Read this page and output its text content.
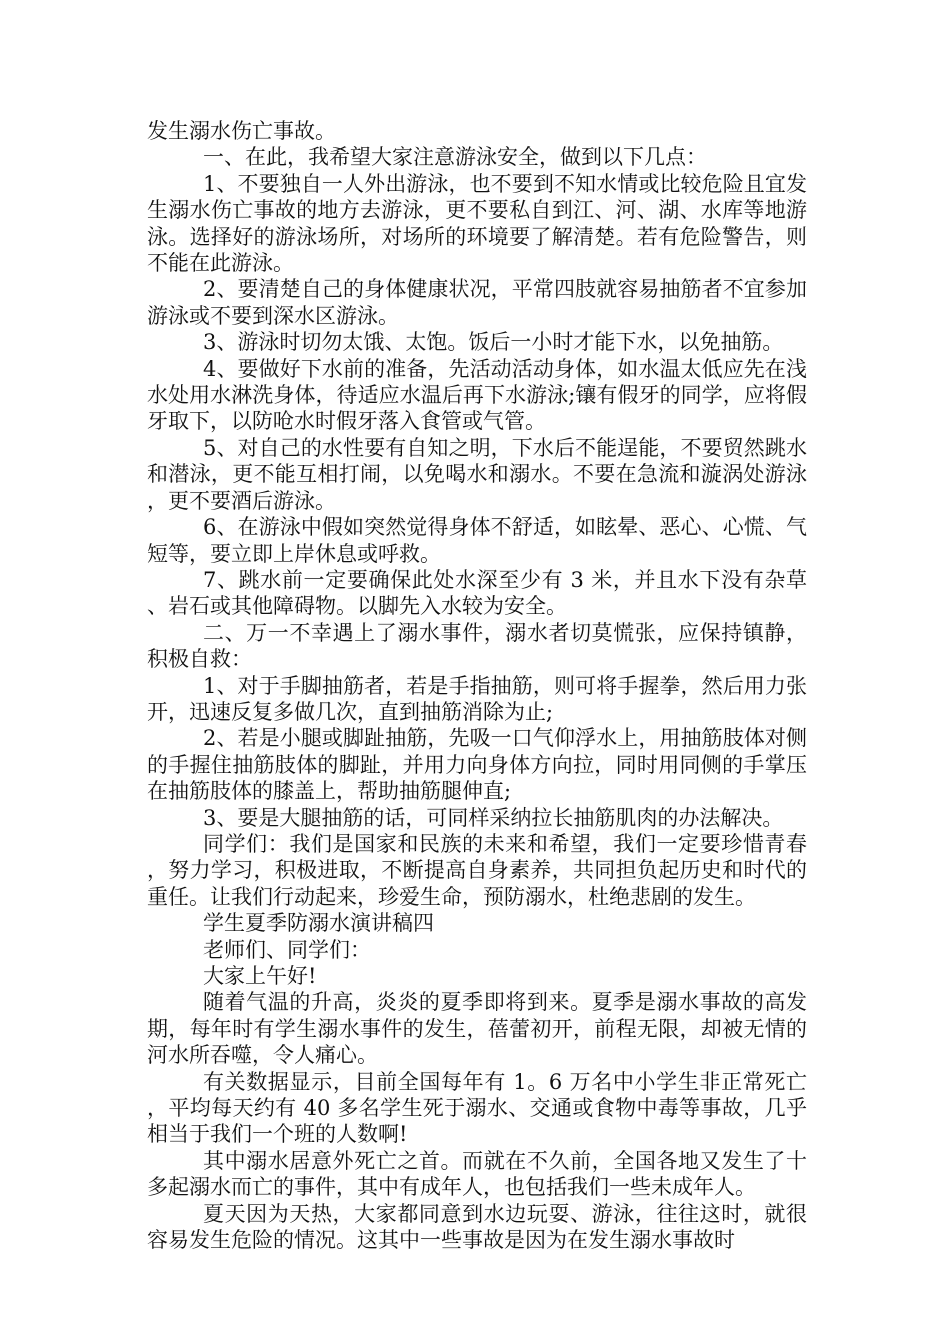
发生溺水伤亡事故。

一、在此，我希望大家注意游泳安全，做到以下几点：

1、不要独自一人外出游泳，也不要到不知水情或比较危险且宜发生溺水伤亡事故的地方去游泳，更不要私自到江、河、湖、水库等地游泳。选择好的游泳场所，对场所的环境要了解清楚。若有危险警告，则不能在此游泳。

2、要清楚自己的身体健康状况，平常四肢就容易抽筋者不宜参加游泳或不要到深水区游泳。

3、游泳时切勿太饿、太饱。饭后一小时才能下水，以免抽筋。

4、要做好下水前的准备，先活动活动身体，如水温太低应先在浅水处用水淋洗身体，待适应水温后再下水游泳;镶有假牙的同学，应将假牙取下，以防呛水时假牙落入食管或气管。

5、对自己的水性要有自知之明，下水后不能逞能，不要贸然跳水和潜泳，更不能互相打闹，以免喝水和溺水。不要在急流和漩涡处游泳，更不要酒后游泳。

6、在游泳中假如突然觉得身体不舒适，如眩晕、恶心、心慌、气短等，要立即上岸休息或呼救。

7、跳水前一定要确保此处水深至少有 3 米，并且水下没有杂草、岩石或其他障碍物。以脚先入水较为安全。

二、万一不幸遇上了溺水事件，溺水者切莫慌张，应保持镇静，积极自救：

1、对于手脚抽筋者，若是手指抽筋，则可将手握拳，然后用力张开，迅速反复多做几次，直到抽筋消除为止;

2、若是小腿或脚趾抽筋，先吸一口气仰浮水上，用抽筋肢体对侧的手握住抽筋肢体的脚趾，并用力向身体方向拉，同时用同侧的手掌压在抽筋肢体的膝盖上，帮助抽筋腿伸直;

3、要是大腿抽筋的话，可同样采纳拉长抽筋肌肉的办法解决。

同学们：我们是国家和民族的未来和希望，我们一定要珍惜青春，努力学习，积极进取，不断提高自身素养，共同担负起历史和时代的重任。让我们行动起来，珍爱生命，预防溺水，杜绝悲剧的发生。

学生夏季防溺水演讲稿四

老师们、同学们：

大家上午好!

随着气温的升高，炎炎的夏季即将到来。夏季是溺水事故的高发期，每年时有学生溺水事件的发生，蓓蕾初开，前程无限，却被无情的河水所吞噬，令人痛心。

有关数据显示，目前全国每年有 1。6 万名中小学生非正常死亡，平均每天约有 40 多名学生死于溺水、交通或食物中毒等事故，几乎相当于我们一个班的人数啊!

其中溺水居意外死亡之首。而就在不久前，全国各地又发生了十多起溺水而亡的事件，其中有成年人，也包括我们一些未成年人。

夏天因为天热，大家都同意到水边玩耍、游泳，往往这时，就很容易发生危险的情况。这其中一些事故是因为在发生溺水事故时
